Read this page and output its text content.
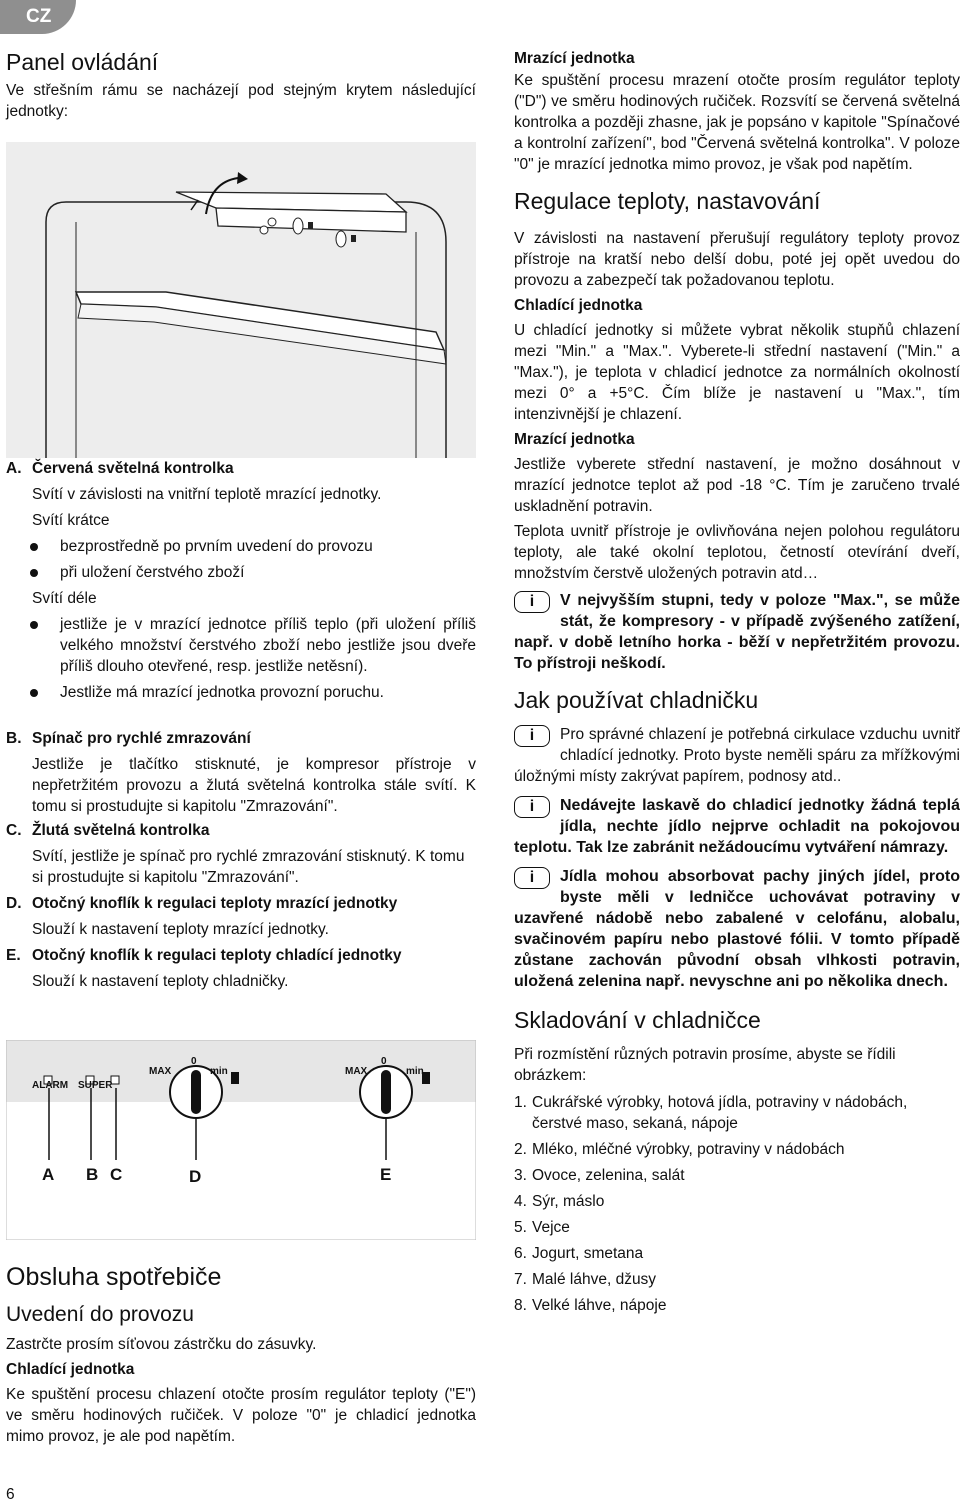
CZ
Panel ovládání

Ve střešním rámu se nacházejí pod stejným krytem následující jednotky:

A. Červená světelná kontrolka

Svítí v závislosti na vnitřní teplotě mrazící jednotky.

Svítí krátce

bezprostředně po prvním uvedení do provozu
při uložení čerstvého zboží

Svítí déle

jestliže je v mrazící jednotce příliš teplo (při uložení příliš velkého množství čerstvého zboží nebo jestliže jsou dveře příliš dlouho otevřené, resp. jestliže netěsní).
Jestliže má mrazící jednotka provozní poruchu.
B. Spínač pro rychlé zmrazování

Jestliže je tlačítko stisknuté, je kompresor přístroje v nepřetržitém provozu a žlutá světelná kontrolka stále svítí. K tomu si prostudujte si kapitolu "Zmrazování".

C. Žlutá světelná kontrolka

Svítí, jestliže je spínač pro rychlé zmrazování stisknutý. K tomu si prostudujte si kapitolu "Zmrazování".

D. Otočný knoflík k regulaci teploty mrazící jednotky

Slouží k nastavení teploty mrazící jednotky.

E. Otočný knoflík k regulaci teploty chladící jednotky

Slouží k nastavení teploty chladničky.

ALARM SUPER
MAX
0
min	MAX
0
min
A B C	D	E
Obsluha spotřebiče
Uvedení do provozu

Zastrčte prosím síťovou zástrčku do zásuvky.

Chladící jednotka

Ke spuštění procesu chlazení otočte prosím regulátor teploty ("E") ve směru hodinových ručiček. V poloze "0" je chladicí jednotka mimo provoz, je ale pod napětím.

6
Mrazící jednotka

Ke spuštění procesu mrazení otočte prosím regulátor teploty ("D") ve směru hodinových ručiček. Rozsvítí se červená světelná kontrolka a později zhasne, jak je popsáno v kapitole "Spínačové a kontrolní zařízení", bod "Červená světelná kontrolka". V poloze "0" je mrazící jednotka mimo provoz, je však pod napětím.

Regulace teploty, nastavování

V závislosti na nastavení přerušují regulátory teploty provoz přístroje na kratší nebo delší dobu, poté jej opět uvedou do provozu a zabezpečí tak požadovanou teplotu.

Chladící jednotka

U chladící jednotky si můžete vybrat několik stupňů chlazení mezi "Min." a "Max.". Vyberete-li střední nastavení ("Min." a "Max."), je teplota v chladicí jednotce za normálních okolností mezi 0° a +5°C. Čím blíže je nastavení u "Max.", tím intenzivnější je chlazení.

Mrazící jednotka

Jestliže vyberete střední nastavení, je možno dosáhnout v mrazící jednotce teplot až pod -18 °C. Tím je zaručeno trvalé uskladnění potravin.

Teplota uvnitř přístroje je ovlivňována nejen polohou regulátoru teploty, ale také okolní teplotou, četností otevírání dveří, množstvím čerstvě uložených potravin atd…

i	V nejvyšším stupni, tedy v poloze "Max.", se může stát, že kompresory - v případě zvýšeného zatížení, např. v době letního horka - běží v nepřetržitém provozu. To přístroji neškodí.
Jak používat chladničku
i	Pro správné chlazení je potřebná cirkulace vzduchu uvnitř chladící jednotky. Proto byste neměli spáru za mřížkovými úložnými místy zakrývat papírem, podnosy atd..
i	Nedávejte laskavě do chladicí jednotky žádná teplá jídla, nechte jídlo nejprve ochladit na pokojovou teplotu. Tak lze zabránit nežádoucímu vytváření námrazy.
i	Jídla mohou absorbovat pachy jiných jídel, proto byste měli v ledničce uchovávat potraviny v uzavřené nádobě nebo zabalené v celofánu, alobalu, svačinovém papíru nebo plastové fólii. V tomto případě zůstane zachován původní obsah vlhkosti potravin, uložená zelenina např. nevyschne ani po několika dnech.
Skladování v chladničce

Při rozmístění různých potravin prosíme, abyste se řídili obrázkem:

1. Cukrářské výrobky, hotová jídla, potraviny v nádobách, čerstvé maso, sekaná, nápoje
2. Mléko, mléčné výrobky, potraviny v nádobách
3. Ovoce, zelenina, salát
4. Sýr, máslo
5. Vejce
6. Jogurt, smetana
7. Malé láhve, džusy
8. Velké láhve, nápoje
